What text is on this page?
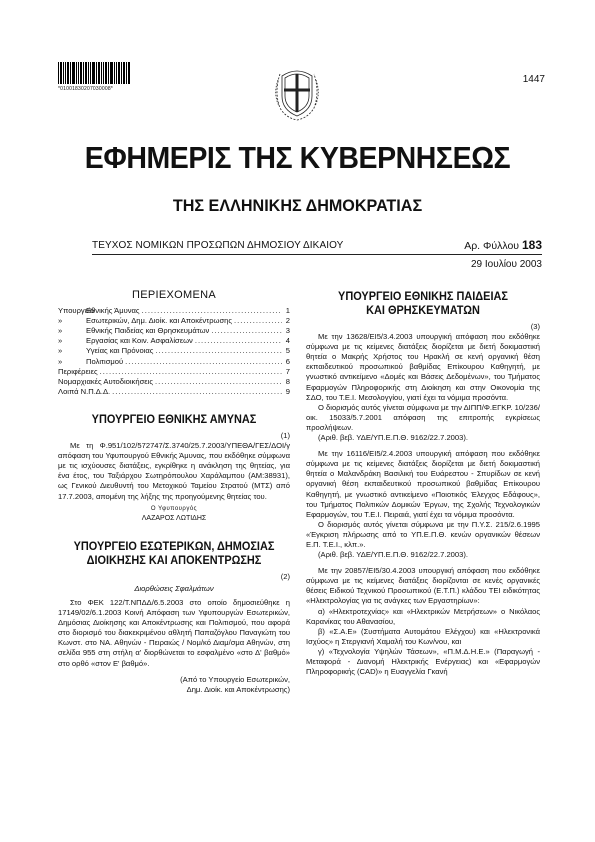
*01001830207030008*
1447
ΕΦΗΜΕΡΙΣ ΤΗΣ ΚΥΒΕΡΝΗΣΕΩΣ
ΤΗΣ ΕΛΛΗΝΙΚΗΣ ΔΗΜΟΚΡΑΤΙΑΣ
ΤΕΥΧΟΣ ΝΟΜΙΚΩΝ ΠΡΟΣΩΠΩΝ ΔΗΜΟΣΙΟΥ ΔΙΚΑΙΟΥ	Αρ. Φύλλου 183
29 Ιουλίου 2003
ΠΕΡΙΕΧΟΜΕΝΑ
ΥπουργείοΕθνικής Άμυνας .....	1
»	Εσωτερικών, Δημ. Διοίκ. και Αποκέντρωσης .....	2
»	Εθνικής Παιδείας και Θρησκευμάτων .....	3
»	Εργασίας και Κοιν. Ασφαλίσεων .....	4
»	Υγείας και Πρόνοιας .....	5
»	Πολιτισμού .....	6
Περιφέρειες .....	7
Νομαρχιακές Αυτοδιοικήσεις .....	8
Λοιπά Ν.Π.Δ.Δ. .....	9
ΥΠΟΥΡΓΕΙΟ ΕΘΝΙΚΗΣ ΑΜΥΝΑΣ
(1)

Με τη Φ.951/102/572747/Σ.3740/25.7.2003/ΥΠΕΘΑ/ΓΕΣ/ΔΟΙ/γ απόφαση του Υφυπουργού Εθνικής Άμυνας, που εκδόθηκε σύμφωνα με τις ισχύουσες διατάξεις, εγκρίθηκε η ανάκληση της θητείας, για ένα έτος, του Ταξιάρχου Σωτηρόπουλου Χαράλαμπου (ΑΜ:38931), ως Γενικού Διευθυντή του Μετοχικού Ταμείου Στρατού (ΜΤΣ) από 17.7.2003, απομένη της λήξης της προηγούμενης θητείας του.

Ο Υφυπουργός
ΛΑΖΑΡΟΣ ΛΩΤΙΔΗΣ
ΥΠΟΥΡΓΕΙΟ ΕΣΩΤΕΡΙΚΩΝ, ΔΗΜΟΣΙΑΣ
ΔΙΟΙΚΗΣΗΣ ΚΑΙ ΑΠΟΚΕΝΤΡΩΣΗΣ
(2)
Διορθώσεις Σφαλμάτων

Στο ΦΕΚ 122/Τ.ΝΠΔΔ/6.5.2003 στο οποίο δημοσιεύθηκε η 17149/02/6.1.2003 Κοινή Απόφαση των Υφυπουργών Εσωτερικών, Δημόσιας Διοίκησης και Αποκέντρωσης και Πολιτισμού, που αφορά στο διορισμό του διακεκριμένου αθλητή Παπαζόγλου Παναγιώτη του Κωνστ. στο ΝΑ. Αθηνών - Πειραιώς / Νομ/κό Διαμ/σμα Αθηνών, στη σελίδα 955 στη στήλη α' διορθώνεται το εσφαλμένο «στο Δ' βαθμό» στο ορθό «στον Ε' βαθμό».

(Από το Υπουργείο Εσωτερικών,
Δημ. Διοίκ. και Αποκέντρωσης)
ΥΠΟΥΡΓΕΙΟ ΕΘΝΙΚΗΣ ΠΑΙΔΕΙΑΣ
ΚΑΙ ΘΡΗΣΚΕΥΜΑΤΩΝ
(3)

Με την 13628/ΕΙ5/3.4.2003 υπουργική απόφαση που εκδόθηκε σύμφωνα με τις κείμενες διατάξεις διορίζεται με διετή δοκιμαστική θητεία ο Μακρής Χρήστος του Ηρακλή σε κενή οργανική θέση εκπαιδευτικού προσωπικού βαθμίδας Επίκουρου Καθηγητή, με γνωστικό αντικείμενο «Δομές και Βάσεις Δεδομένων», του Τμήματος Εφαρμογών Πληροφορικής στη Διοίκηση και στην Οικονομία της ΣΔΟ, του Τ.Ε.Ι. Μεσολογγίου, γιατί έχει τα νόμιμα προσόντα.

Ο διορισμός αυτός γίνεται σύμφωνα με την ΔΙΠΠ/Φ.ΕΓΚΡ. 10/236/οικ. 15033/5.7.2001 απόφαση της επιτροπής εγκρίσεως προσλήψεων.

(Αριθ. βεβ. ΥΔΕ/ΥΠ.Ε.Π.Θ. 9162/22.7.2003).

Με την 16116/ΕΙ5/2.4.2003 υπουργική απόφαση που εκδόθηκε σύμφωνα με τις κείμενες διατάξεις διορίζεται με διετή δοκιμαστική θητεία ο Μαλανδράκη Βασιλική του Ευάρεστου - Σπυρίδων σε κενή οργανική θέση εκπαιδευτικού προσωπικού βαθμίδας Επίκουρου Καθηγητή, με γνωστικό αντικείμενο «Ποιοτικός Έλεγχος Εδάφους», του Τμήματος Πολιτικών Δομικών Έργων, της Σχολής Τεχνολογικών Εφαρμογών, του Τ.Ε.Ι. Πειραιά, γιατί έχει τα νόμιμα προσόντα.

Ο διορισμός αυτός γίνεται σύμφωνα με την Π.Υ.Σ. 215/2.6.1995 «Έγκριση πλήρωσης από το ΥΠ.Ε.Π.Θ. κενών οργανικών θέσεων Ε.Π. Τ.Ε.Ι., κλπ.».

(Αριθ. βεβ. ΥΔΕ/ΥΠ.Ε.Π.Θ. 9162/22.7.2003).

Με την 20857/ΕΙ5/30.4.2003 υπουργική απόφαση που εκδόθηκε σύμφωνα με τις κείμενες διατάξεις διορίζονται σε κενές οργανικές θέσεις Ειδικού Τεχνικού Προσωπικού (Ε.Τ.Π.) κλάδου ΤΕΙ ειδικότητας «Ηλεκτρολογίας για τις ανάγκες των Εργαστηρίων»:

α) «Ηλεκτροτεχνίας» και «Ηλεκτρικών Μετρήσεων» ο Νικόλαος Καρανίκας του Αθανασίου,

β) «Σ.Α.Ε» (Συστήματα Αυτομάτου Ελέγχου) και «Ηλεκτρονικά Ισχύος» η Στεργιανή Χαμαλή του Κων/νου, και

γ) «Τεχνολογία Υψηλών Τάσεων», «Π.Μ.Δ.Η.Ε.» (Παραγωγή - Μεταφορά - Διανομή Ηλεκτρικής Ενέργειας) και «Εφαρμογών Πληροφορικής (CAD)» η Ευαγγελία Γκανή
